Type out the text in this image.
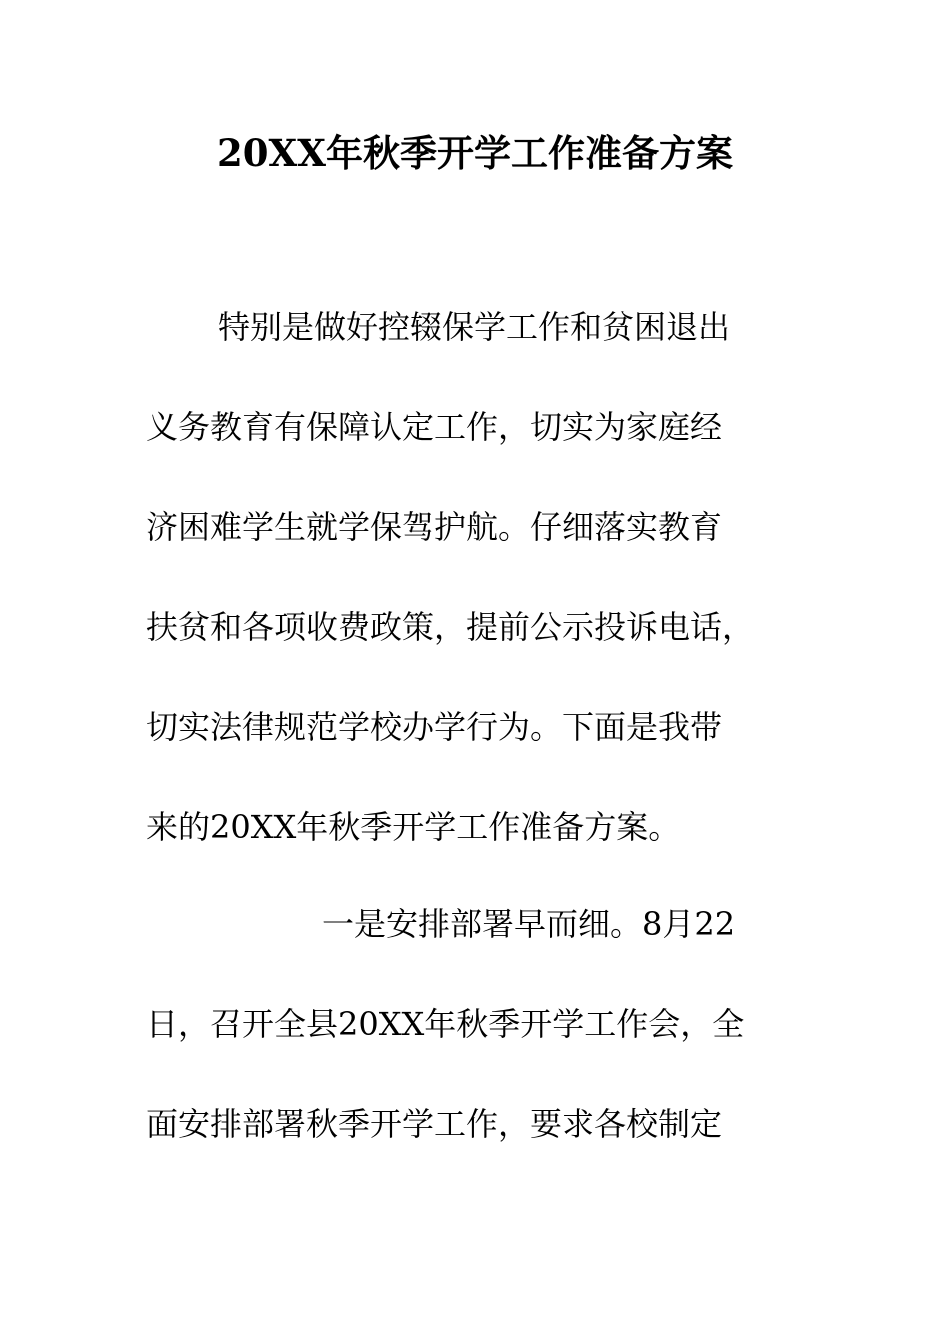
20XX年秋季开学工作准备方案
特别是做好控辍保学工作和贫困退出
义务教育有保障认定工作，切实为家庭经
济困难学生就学保驾护航。仔细落实教育
扶贫和各项收费政策，提前公示投诉电话，
切实法律规范学校办学行为。下面是我带
来的20XX年秋季开学工作准备方案。
一是安排部署早而细。8月22
日，召开全县20XX年秋季开学工作会，全
面安排部署秋季开学工作，要求各校制定
